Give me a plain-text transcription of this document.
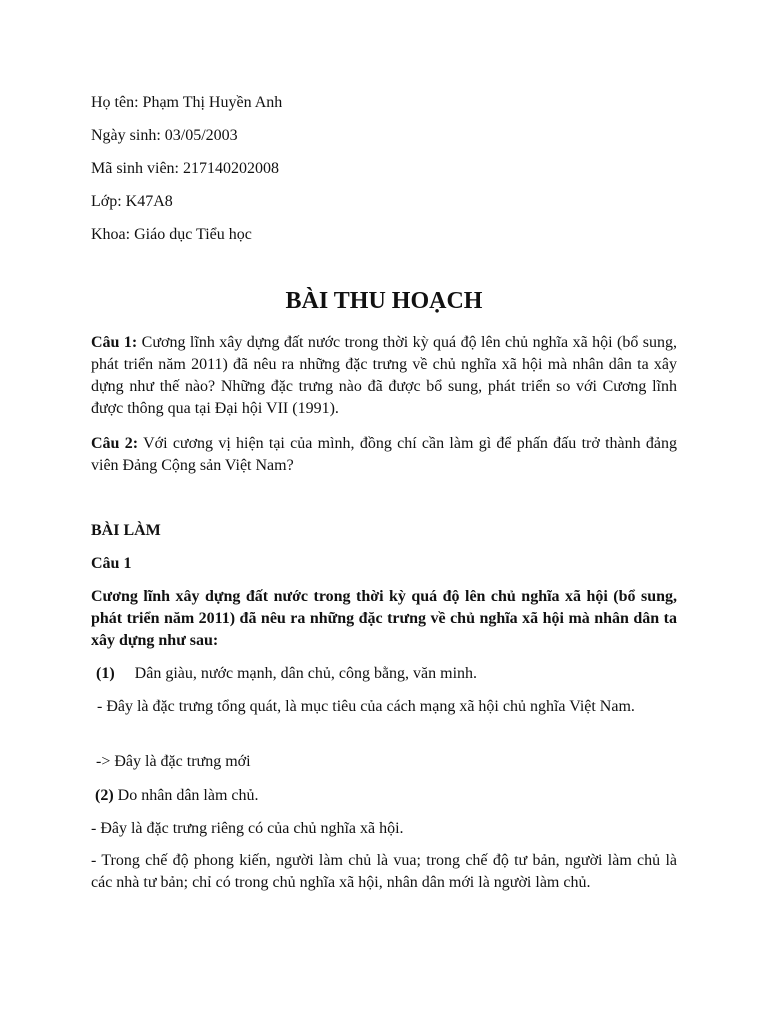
Họ tên: Phạm Thị Huyền Anh

Ngày sinh: 03/05/2003

Mã sinh viên: 217140202008

Lớp: K47A8

Khoa: Giáo dục Tiểu học

BÀI THU HOẠCH

Câu 1: Cương lĩnh xây dựng đất nước trong thời kỳ quá độ lên chủ nghĩa xã hội (bổ sung, phát triển năm 2011) đã nêu ra những đặc trưng về chủ nghĩa xã hội mà nhân dân ta xây dựng như thế nào? Những đặc trưng nào đã được bổ sung, phát triển so với Cương lĩnh được thông qua tại Đại hội VII (1991).

Câu 2: Với cương vị hiện tại của mình, đồng chí cần làm gì để phấn đấu trở thành đảng viên Đảng Cộng sản Việt Nam?

BÀI LÀM

Câu 1

Cương lĩnh xây dựng đất nước trong thời kỳ quá độ lên chủ nghĩa xã hội (bổ sung, phát triển năm 2011) đã nêu ra những đặc trưng về chủ nghĩa xã hội mà nhân dân ta xây dựng như sau:

(1) Dân giàu, nước mạnh, dân chủ, công bằng, văn minh.

- Đây là đặc trưng tổng quát, là mục tiêu của cách mạng xã hội chủ nghĩa Việt Nam.

-> Đây là đặc trưng mới

(2) Do nhân dân làm chủ.

- Đây là đặc trưng riêng có của chủ nghĩa xã hội.

- Trong chế độ phong kiến, người làm chủ là vua; trong chế độ tư bản, người làm chủ là các nhà tư bản; chỉ có trong chủ nghĩa xã hội, nhân dân mới là người làm chủ.
